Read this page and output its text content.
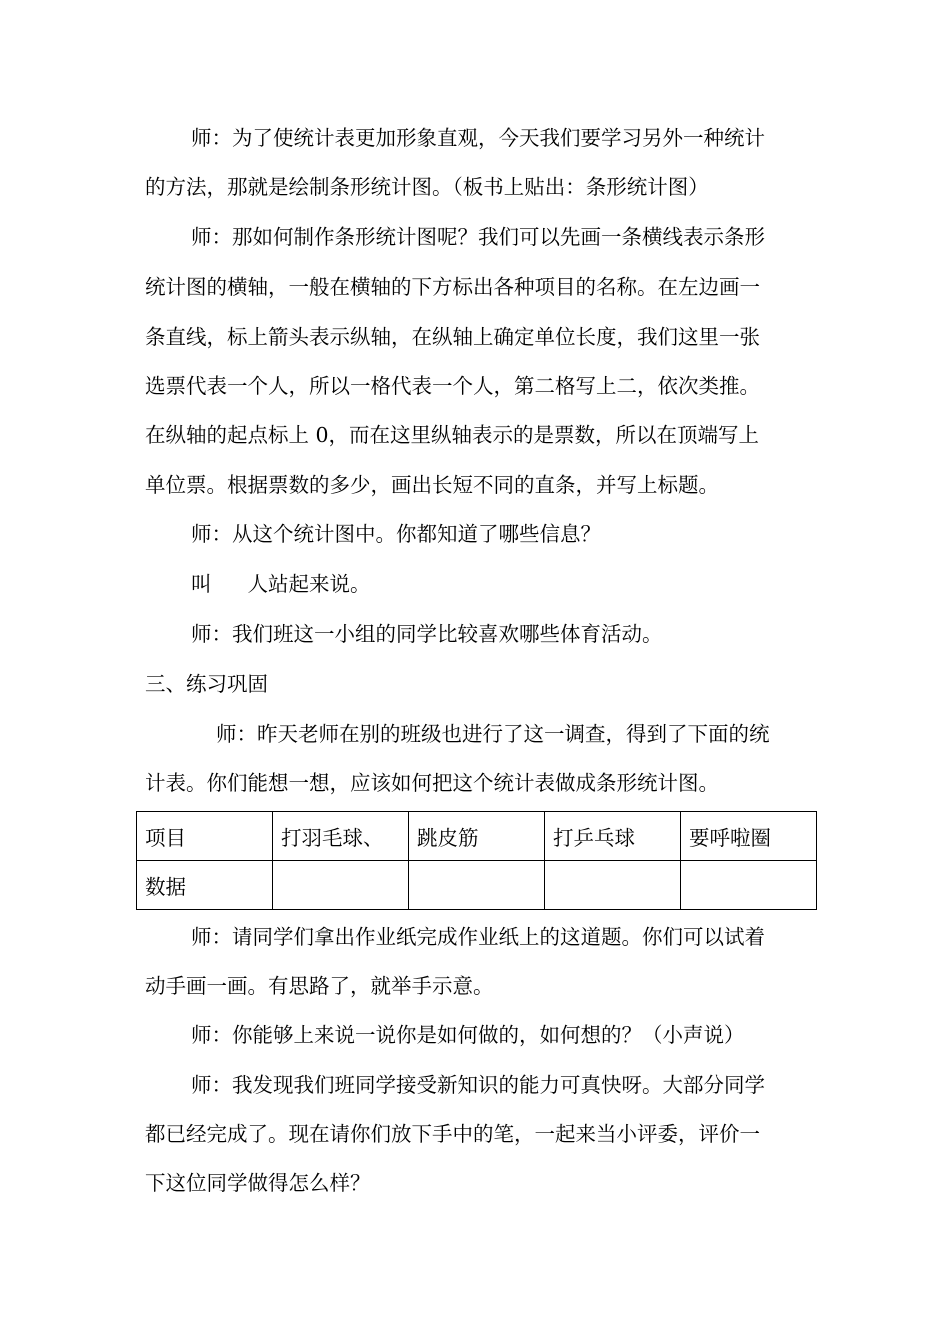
师：为了使统计表更加形象直观，今天我们要学习另外一种统计
的方法，那就是绘制条形统计图。（板书上贴出：条形统计图）
师：那如何制作条形统计图呢？我们可以先画一条横线表示条形
统计图的横轴，一般在横轴的下方标出各种项目的名称。在左边画一
条直线，标上箭头表示纵轴，在纵轴上确定单位长度，我们这里一张
选票代表一个人，所以一格代表一个人，第二格写上二，依次类推。
在纵轴的起点标上 0，而在这里纵轴表示的是票数，所以在顶端写上
单位票。根据票数的多少，画出长短不同的直条，并写上标题。
师：从这个统计图中。你都知道了哪些信息？
叫 人站起来说。
师：我们班这一小组的同学比较喜欢哪些体育活动。
三、练习巩固
师：昨天老师在别的班级也进行了这一调查，得到了下面的统
计表。你们能想一想，应该如何把这个统计表做成条形统计图。
项目	打羽毛球、	跳皮筋	打乒乓球	要呼啦圈
数据				
师：请同学们拿出作业纸完成作业纸上的这道题。你们可以试着
动手画一画。有思路了，就举手示意。
师：你能够上来说一说你是如何做的，如何想的？（小声说）
师：我发现我们班同学接受新知识的能力可真快呀。大部分同学
都已经完成了。现在请你们放下手中的笔，一起来当小评委，评价一
下这位同学做得怎么样？
